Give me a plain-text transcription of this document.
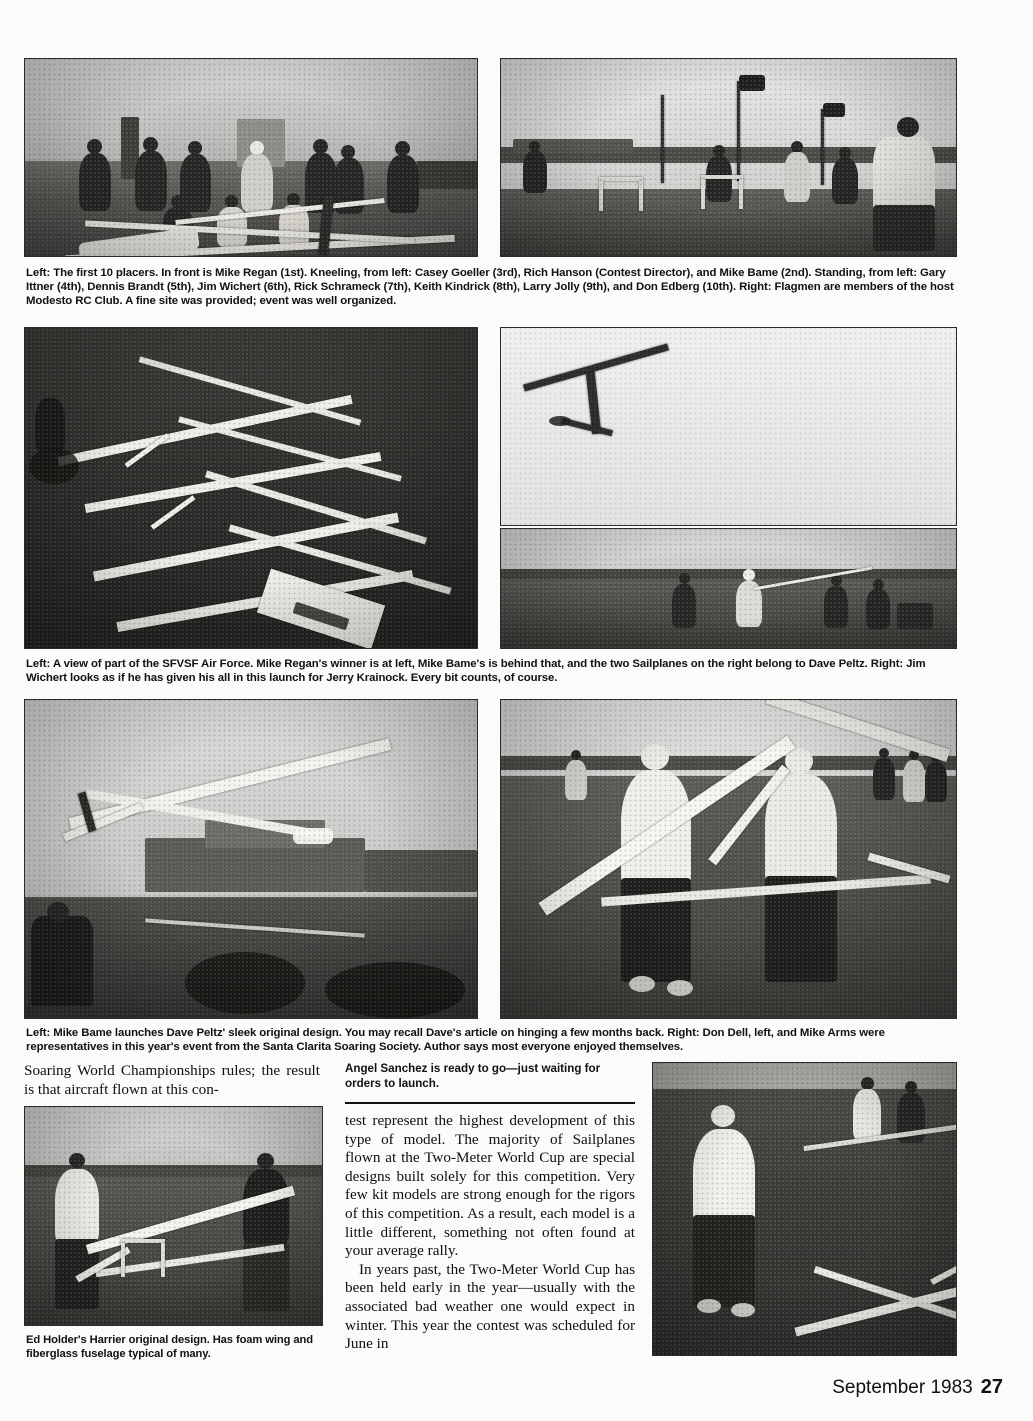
Left: The first 10 placers. In front is Mike Regan (1st). Kneeling, from left: Casey Goeller (3rd), Rich Hanson (Contest Director), and Mike Bame (2nd). Standing, from left: Gary Ittner (4th), Dennis Brandt (5th), Jim Wichert (6th), Rick Schrameck (7th), Keith Kindrick (8th), Larry Jolly (9th), and Don Edberg (10th). Right: Flagmen are members of the host Modesto RC Club. A fine site was provided; event was well organized.
Left: A view of part of the SFVSF Air Force. Mike Regan's winner is at left, Mike Bame's is behind that, and the two Sailplanes on the right belong to Dave Peltz. Right: Jim Wichert looks as if he has given his all in this launch for Jerry Krainock. Every bit counts, of course.
Left: Mike Bame launches Dave Peltz' sleek original design. You may recall Dave's article on hinging a few months back. Right: Don Dell, left, and Mike Arms were representatives in this year's event from the Santa Clarita Soaring Society. Author says most everyone enjoyed themselves.

Soaring World Championships rules; the result is that aircraft flown at this con-

Angel Sanchez is ready to go—just waiting for orders to launch.

test represent the highest development of this type of model. The majority of Sailplanes flown at the Two-Meter World Cup are special designs built solely for this competition. Very few kit models are strong enough for the rigors of this competition. As a result, each model is a little different, something not often found at your average rally.

In years past, the Two-Meter World Cup has been held early in the year—usually with the associated bad weather one would expect in winter. This year the contest was scheduled for June in

Ed Holder's Harrier original design. Has foam wing and fiberglass fuselage typical of many.
September 1983 27
